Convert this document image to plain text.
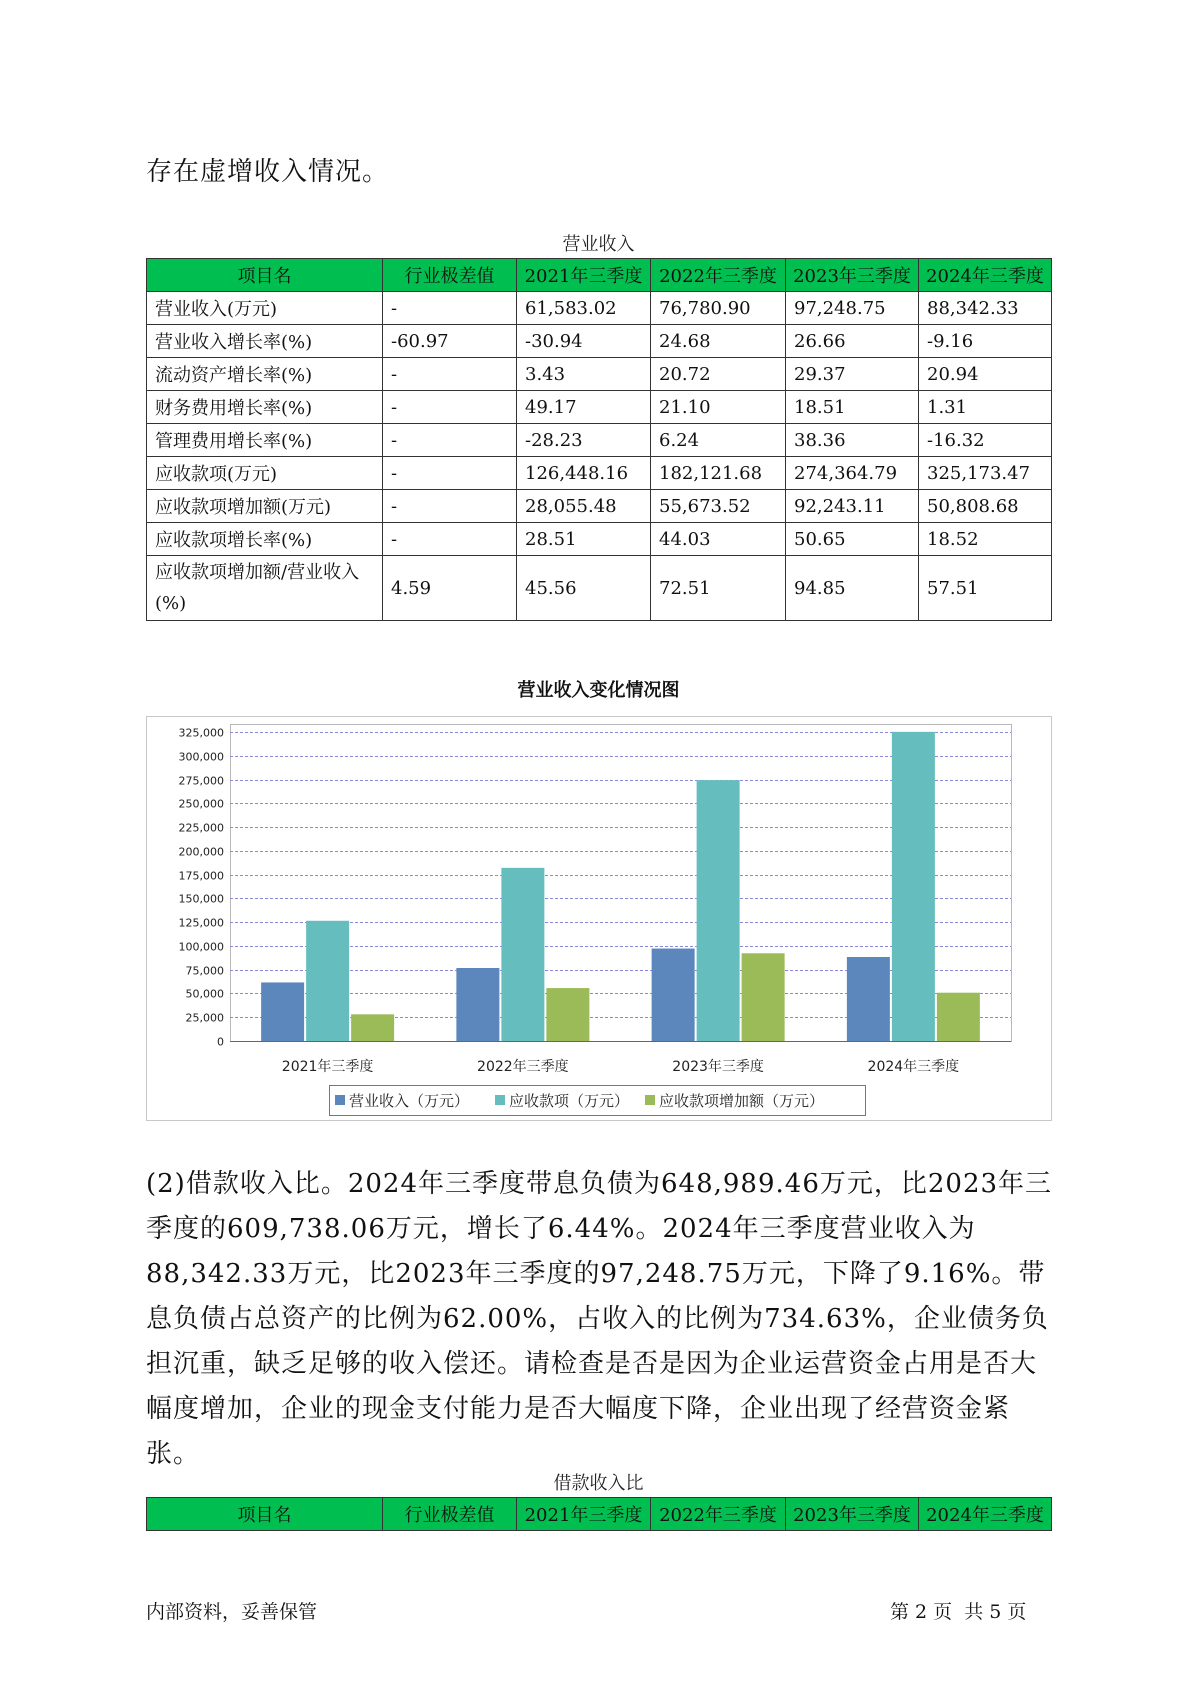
存在虚增收入情况。

营业收入
项目名	行业极差值	2021年三季度	2022年三季度	2023年三季度	2024年三季度
营业收入(万元)	-	61,583.02	76,780.90	97,248.75	88,342.33
营业收入增长率(%)	-60.97	-30.94	24.68	26.66	-9.16
流动资产增长率(%)	-	3.43	20.72	29.37	20.94
财务费用增长率(%)	-	49.17	21.10	18.51	1.31
管理费用增长率(%)	-	-28.23	6.24	38.36	-16.32
应收款项(万元)	-	126,448.16	182,121.68	274,364.79	325,173.47
应收款项增加额(万元)	-	28,055.48	55,673.52	92,243.11	50,808.68
应收款项增长率(%)	-	28.51	44.03	50.65	18.52
应收款项增加额/营业收入(%)	4.59	45.56	72.51	94.85	57.51
营业收入变化情况图
0
25,000
50,000
75,000
100,000
125,000
150,000
175,000
200,000
225,000
250,000
275,000
300,000
325,000
2021年三季度	2022年三季度	2023年三季度	2024年三季度
营业收入（万元）	应收款项（万元） 应收款项增加额（万元）

(2)借款收入比。2024年三季度带息负债为648,989.46万元，比2023年三季度的609,738.06万元，增长了6.44%。2024年三季度营业收入为88,342.33万元，比2023年三季度的97,248.75万元，下降了9.16%。带息负债占总资产的比例为62.00%，占收入的比例为734.63%，企业债务负担沉重，缺乏足够的收入偿还。请检查是否是因为企业运营资金占用是否大幅度增加，企业的现金支付能力是否大幅度下降，企业出现了经营资金紧张。

借款收入比
项目名	行业极差值	2021年三季度	2022年三季度	2023年三季度	2024年三季度
内部资料，妥善保管	第 2 页  共 5 页
